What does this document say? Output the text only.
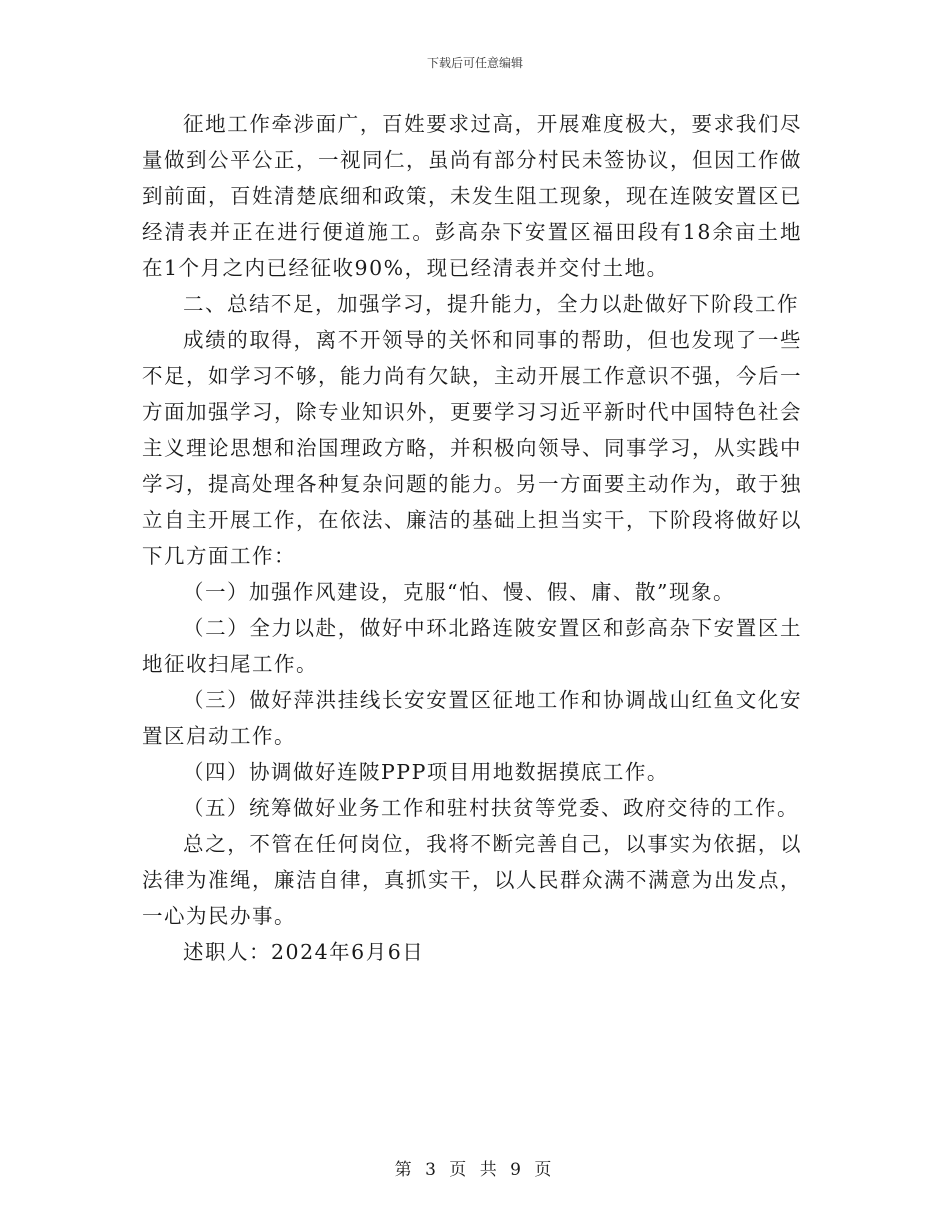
下载后可任意编辑

征地工作牵涉面广，百姓要求过高，开展难度极大，要求我们尽量做到公平公正，一视同仁，虽尚有部分村民未签协议，但因工作做到前面，百姓清楚底细和政策，未发生阻工现象，现在连陂安置区已经清表并正在进行便道施工。彭高杂下安置区福田段有18余亩土地在1个月之内已经征收90%，现已经清表并交付土地。

二、总结不足，加强学习，提升能力，全力以赴做好下阶段工作

成绩的取得，离不开领导的关怀和同事的帮助，但也发现了一些不足，如学习不够，能力尚有欠缺，主动开展工作意识不强，今后一方面加强学习，除专业知识外，更要学习习近平新时代中国特色社会主义理论思想和治国理政方略，并积极向领导、同事学习，从实践中学习，提高处理各种复杂问题的能力。另一方面要主动作为，敢于独立自主开展工作，在依法、廉洁的基础上担当实干，下阶段将做好以下几方面工作：

（一）加强作风建设，克服“怕、慢、假、庸、散”现象。

（二）全力以赴，做好中环北路连陂安置区和彭高杂下安置区土地征收扫尾工作。

（三）做好萍洪挂线长安安置区征地工作和协调战山红鱼文化安置区启动工作。

（四）协调做好连陂PPP项目用地数据摸底工作。

（五）统筹做好业务工作和驻村扶贫等党委、政府交待的工作。

总之，不管在任何岗位，我将不断完善自己，以事实为依据，以法律为准绳，廉洁自律，真抓实干，以人民群众满不满意为出发点，一心为民办事。

述职人：2024年6月6日

第 3 页 共 9 页
